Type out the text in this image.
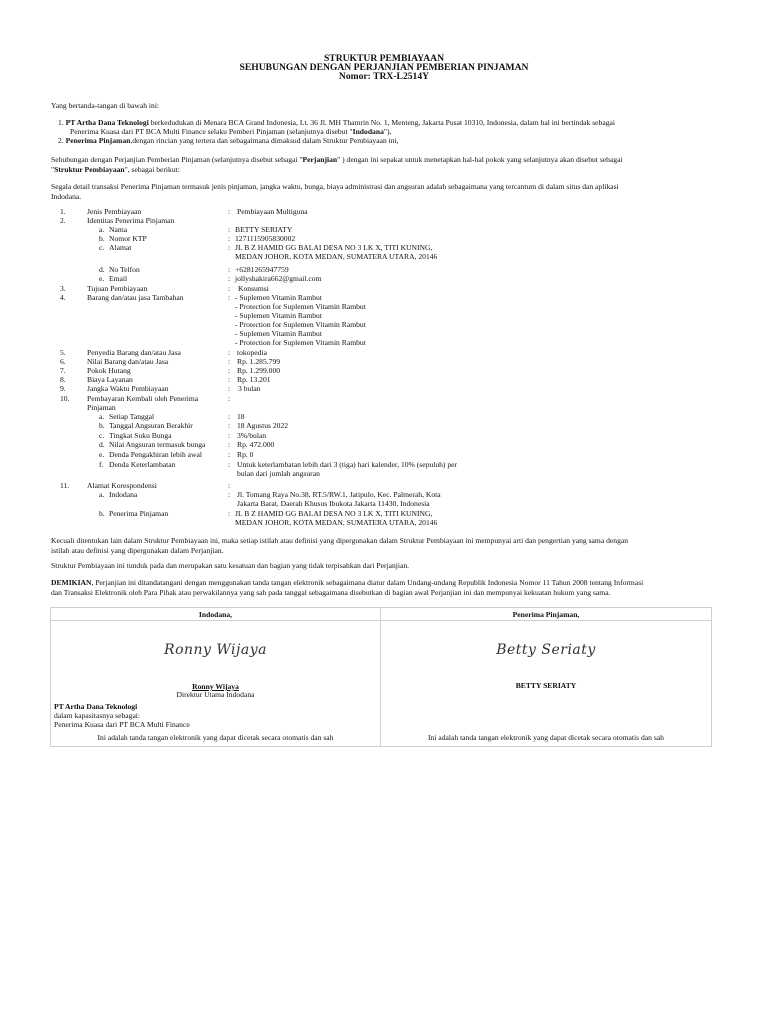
STRUKTUR PEMBIAYAAN
SEHUBUNGAN DENGAN PERJANJIAN PEMBERIAN PINJAMAN
Nomor: TRX-L2514Y
Yang bertanda-tangan di bawah ini:
1. PT Artha Dana Teknologi berkedudukan di Menara BCA Grand Indonesia, Lt. 36 Jl. MH Thamrin No. 1, Menteng, Jakarta Pusat 10310, Indonesia, dalam hal ini bertindak sebagai
Penerima Kuasa dari PT BCA Multi Finance selaku Pemberi Pinjaman (selanjutnya disebut "Indodana"),
2. Penerima Pinjaman,dengan rincian yang tertera dan sebagaimana dimaksud dalam Struktur Pembiayaan ini,
Sehubungan dengan Perjanjian Pemberian Pinjaman (selanjutnya disebut sebagai "Perjanjian" ) dengan ini sepakat untuk menetapkan hal-hal pokok yang selanjutnya akan disebut sebagai
"Struktur Pembiayaan", sebagai berikut:
Segala detail transaksi Penerima Pinjaman termasuk jenis pinjaman, jangka waktu, bunga, biaya administrasi dan angsuran adalah sebagaimana yang tercantum di dalam situs dan aplikasi
Indodana.
1.	Jenis Pembiayaan	: Pembiayaan Multiguna
2.	Identitas Penerima Pinjaman
a. Nama	: BETTY SERIATY
b. Nomor KTP	: 1271115905830002
c. Alamat	: JL B Z HAMID GG BALAI DESA NO 3 LK X, TITI KUNING,
MEDAN JOHOR, KOTA MEDAN, SUMATERA UTARA, 20146
d. No Telfon	: +6281265947759
e. Email	: jollyshakira662@gmail.com
3.	Tujuan Pembiayaan	: Konsumsi
4.	Barang dan/atau jasa Tambahan	: - Suplemen Vitamin Rambut
- Protection for Suplemen Vitamin Rambut
- Suplemen Vitamin Rambut
- Protection for Suplemen Vitamin Rambut
- Suplemen Vitamin Rambut
- Protection for Suplemen Vitamin Rambut
5.	Penyedia Barang dan/atau Jasa	: tokopedia
6.	Nilai Barang dan/atau Jasa	: Rp. 1.285.799
7.	Pokok Hutang	: Rp. 1.299.000
8.	Biaya Layanan	: Rp. 13.201
9.	Jangka Waktu Pembiayaan	: 3 bulan
10. Pembayaran Kembali oleh Penerima
Pinjaman
:
a. Setiap Tanggal	: 18
b. Tanggal Angsuran Berakhir	: 18 Agustus 2022
c. Tingkat Suku Bunga	: 3%/bulan
d. Nilai Angsuran termasuk bunga	: Rp. 472.000
e. Denda Pengakhiran lebih awal	: Rp. 0
f. Denda Keterlambatan	: Untuk keterlambatan lebih dari 3 (tiga) hari kalender, 10% (sepuluh) per
bulan dari jumlah angsuran
11. Alamat Korespondensi	:
a. Indodana	: Jl. Tomang Raya No.38, RT.5/RW.1, Jatipulo, Kec. Palmerah, Kota
Jakarta Barat, Daerah Khusus Ibukota Jakarta 11430, Indonesia
b. Penerima Pinjaman	: JL B Z HAMID GG BALAI DESA NO 3 LK X, TITI KUNING,
MEDAN JOHOR, KOTA MEDAN, SUMATERA UTARA, 20146
Kecuali ditentukan lain dalam Struktur Pembiayaan ini, maka setiap istilah atau definisi yang dipergunakan dalam Struktur Pembiayaan ini mempunyai arti dan pengertian yang sama dengan
istilah atau definisi yang dipergunakan dalam Perjanjian.
Struktur Pembiayaan ini tunduk pada dan merupakan satu kesatuan dan bagian yang tidak terpisahkan dari Perjanjian.
DEMIKIAN, Perjanjian ini ditandatangani dengan menggunakan tanda tangan elektronik sebagaimana diatur dalam Undang-undang Republik Indonesia Nomor 11 Tahun 2008 tentang Informasi
dan Transaksi Elektronik oleh Para Pihak atau perwakilannya yang sah pada tanggal sebagaimana disebutkan di bagian awal Perjanjian ini dan mempunyai kekuatan hukum yang sama.
Indodana,
Ronny Wijaya
Ronny Wijaya
Direktur Utama Indodana
PT Artha Dana Teknologi
dalam kapasitasnya sebagai:
Penerima Kuasa dari PT BCA Multi Finance
Ini adalah tanda tangan elektronik yang dapat dicetak secara otomatis dan sah
Penerima Pinjaman,
Betty Seriaty
BETTY SERIATY
Ini adalah tanda tangan elektronik yang dapat dicetak secara otomatis dan sah
